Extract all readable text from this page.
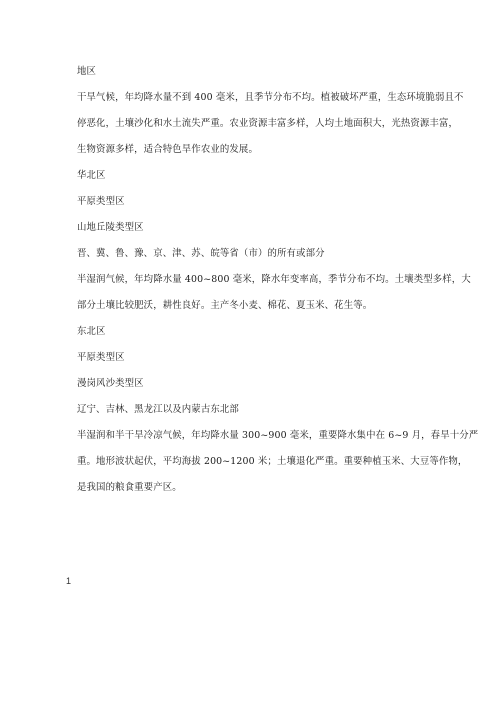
地区
干旱气候，年均降水量不到 400 毫米，且季节分布不均。植被破坏严重，生态环境脆弱且不
停恶化，土壤沙化和水土流失严重。农业资源丰富多样，人均土地面积大，光热资源丰富，
生物资源多样，适合特色旱作农业的发展。
华北区
平原类型区
山地丘陵类型区
晋、冀、鲁、豫、京、津、苏、皖等省（市）的所有或部分
半湿润气候，年均降水量 400~800 毫米，降水年变率高，季节分布不均。土壤类型多样，大
部分土壤比较肥沃，耕性良好。主产冬小麦、棉花、夏玉米、花生等。
东北区
平原类型区
漫岗风沙类型区
辽宁、吉林、黑龙江以及内蒙古东北部
半湿润和半干旱冷凉气候，年均降水量 300~900 毫米，重要降水集中在 6~9 月，春旱十分严
重。地形波状起伏，平均海拔 200~1200 米；土壤退化严重。重要种植玉米、大豆等作物，
是我国的粮食重要产区。
1
